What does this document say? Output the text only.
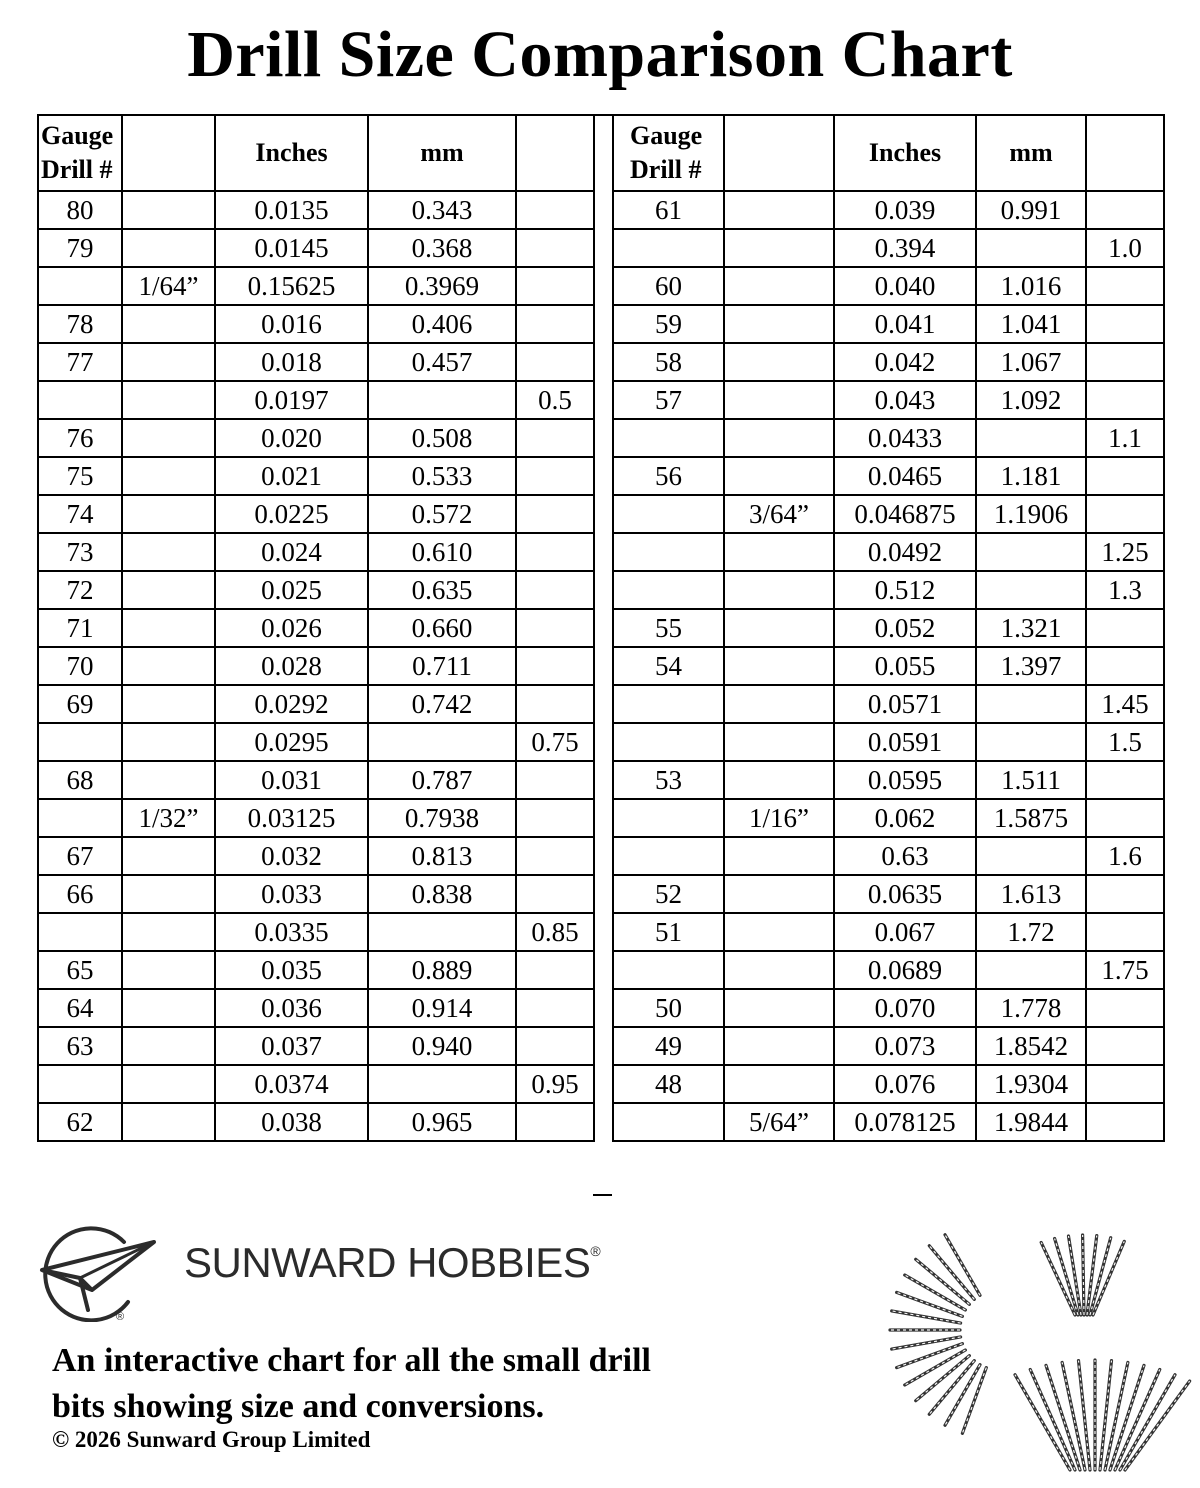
Drill Size Comparison Chart
Gauge
Drill #		Inches	mm	
80		0.0135	0.343	
79		0.0145	0.368	
	1/64”	0.15625	0.3969	
78		0.016	0.406	
77		0.018	0.457	
		0.0197		0.5
76		0.020	0.508	
75		0.021	0.533	
74		0.0225	0.572	
73		0.024	0.610	
72		0.025	0.635	
71		0.026	0.660	
70		0.028	0.711	
69		0.0292	0.742	
		0.0295		0.75
68		0.031	0.787	
	1/32”	0.03125	0.7938	
67		0.032	0.813	
66		0.033	0.838	
		0.0335		0.85
65		0.035	0.889	
64		0.036	0.914	
63		0.037	0.940	
		0.0374		0.95
62		0.038	0.965	
Gauge
Drill #		Inches	mm	
61		0.039	0.991	
		0.394		1.0
60		0.040	1.016	
59		0.041	1.041	
58		0.042	1.067	
57		0.043	1.092	
		0.0433		1.1
56		0.0465	1.181	
	3/64”	0.046875	1.1906	
		0.0492		1.25
		0.512		1.3
55		0.052	1.321	
54		0.055	1.397	
		0.0571		1.45
		0.0591		1.5
53		0.0595	1.511	
	1/16”	0.062	1.5875	
		0.63		1.6
52		0.0635	1.613	
51		0.067	1.72	
		0.0689		1.75
50		0.070	1.778	
49		0.073	1.8542	
48		0.076	1.9304	
	5/64”	0.078125	1.9844	
®
SUNWARD HOBBIES®
An interactive chart for all the small drill
bits showing size and conversions.
© 2026 Sunward Group Limited
